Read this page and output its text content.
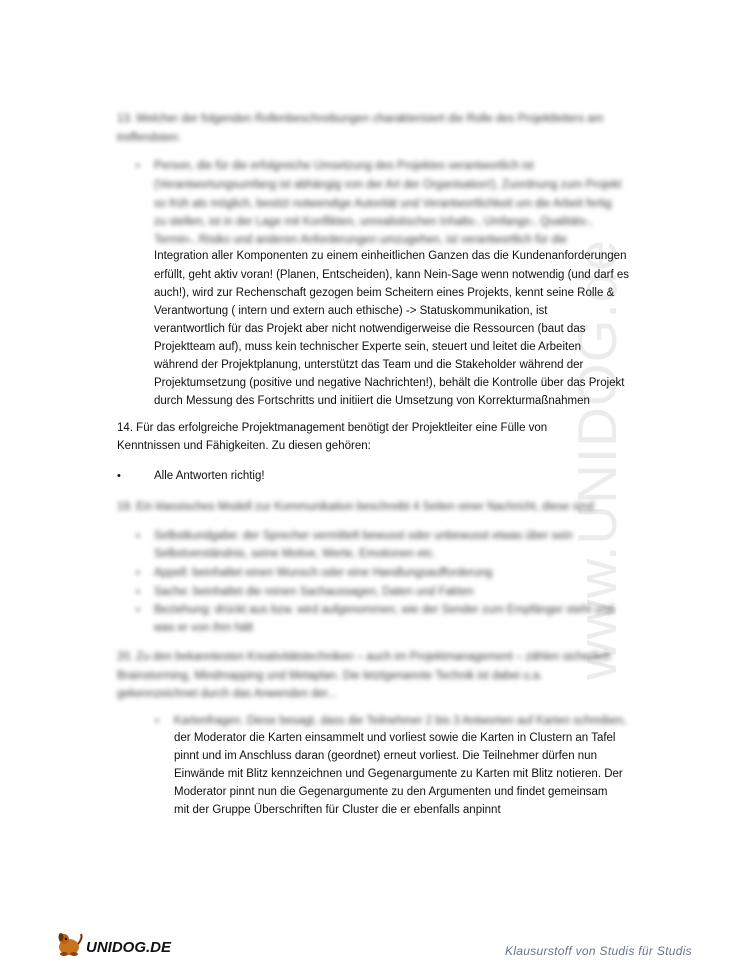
www.UNIDOG.de
13. Welcher der folgenden Rollenbeschreibungen charakterisiert die Rolle des Projektleiters am
treffendsten:
• Person, die für die erfolgreiche Umsetzung des Projektes verantwortlich ist
(Verantwortungsumfang ist abhängig von der Art der Organisation!), Zuordnung zum Projekt
so früh als möglich, besitzt notwendige Autorität und Verantwortlichkeit um die Arbeit fertig
zu stellen, ist in der Lage mit Konflikten, unrealistischen Inhalts-, Umfangs-, Qualitäts-,
Termin-, Risiko und anderen Anforderungen umzugehen, ist verantwortlich für die
Integration aller Komponenten zu einem einheitlichen Ganzen das die Kundenanforderungen
erfüllt, geht aktiv voran! (Planen, Entscheiden), kann Nein-Sage wenn notwendig (und darf es
auch!), wird zur Rechenschaft gezogen beim Scheitern eines Projekts, kennt seine Rolle &
Verantwortung ( intern und extern auch ethische) -> Statuskommunikation, ist
verantwortlich für das Projekt aber nicht notwendigerweise die Ressourcen (baut das
Projektteam auf), muss kein technischer Experte sein, steuert und leitet die Arbeiten
während der Projektplanung, unterstützt das Team und die Stakeholder während der
Projektumsetzung (positive und negative Nachrichten!), behält die Kontrolle über das Projekt
durch Messung des Fortschritts und initiiert die Umsetzung von Korrekturmaßnahmen
14. Für das erfolgreiche Projektmanagement benötigt der Projektleiter eine Fülle von
Kenntnissen und Fähigkeiten. Zu diesen gehören:
•	Alle Antworten richtig!
19. Ein klassisches Modell zur Kommunikation beschreibt 4 Seiten einer Nachricht, diese sind
• Selbstkundgabe: der Sprecher vermittelt bewusst oder unbewusst etwas über sein
Selbstverständnis, seine Motive, Werte, Emotionen etc.
• Appell: beinhaltet einen Wunsch oder eine Handlungsaufforderung
• Sache: beinhaltet die reinen Sachaussagen, Daten und Fakten
• Beziehung: drückt aus bzw. wird aufgenommen, wie der Sender zum Empfänger steht und
was er von ihm hält
20. Zu den bekanntesten Kreativitätstechniken – auch im Projektmanagement – zählen sicherlich
Brainstorming, Mindmapping und Metaplan. Die letztgenannte Technik ist dabei u.a.
gekennzeichnet durch das Anwenden der...
• Kartenfragen. Diese besagt, dass die Teilnehmer 2 bis 3 Antworten auf Karten schreiben,
der Moderator die Karten einsammelt und vorliest sowie die Karten in Clustern an Tafel
pinnt und im Anschluss daran (geordnet) erneut vorliest. Die Teilnehmer dürfen nun
Einwände mit Blitz kennzeichnen und Gegenargumente zu Karten mit Blitz notieren. Der
Moderator pinnt nun die Gegenargumente zu den Argumenten und findet gemeinsam
mit der Gruppe Überschriften für Cluster die er ebenfalls anpinnt
UNIDOG.DE	Klausurstoff von Studis für Studis
